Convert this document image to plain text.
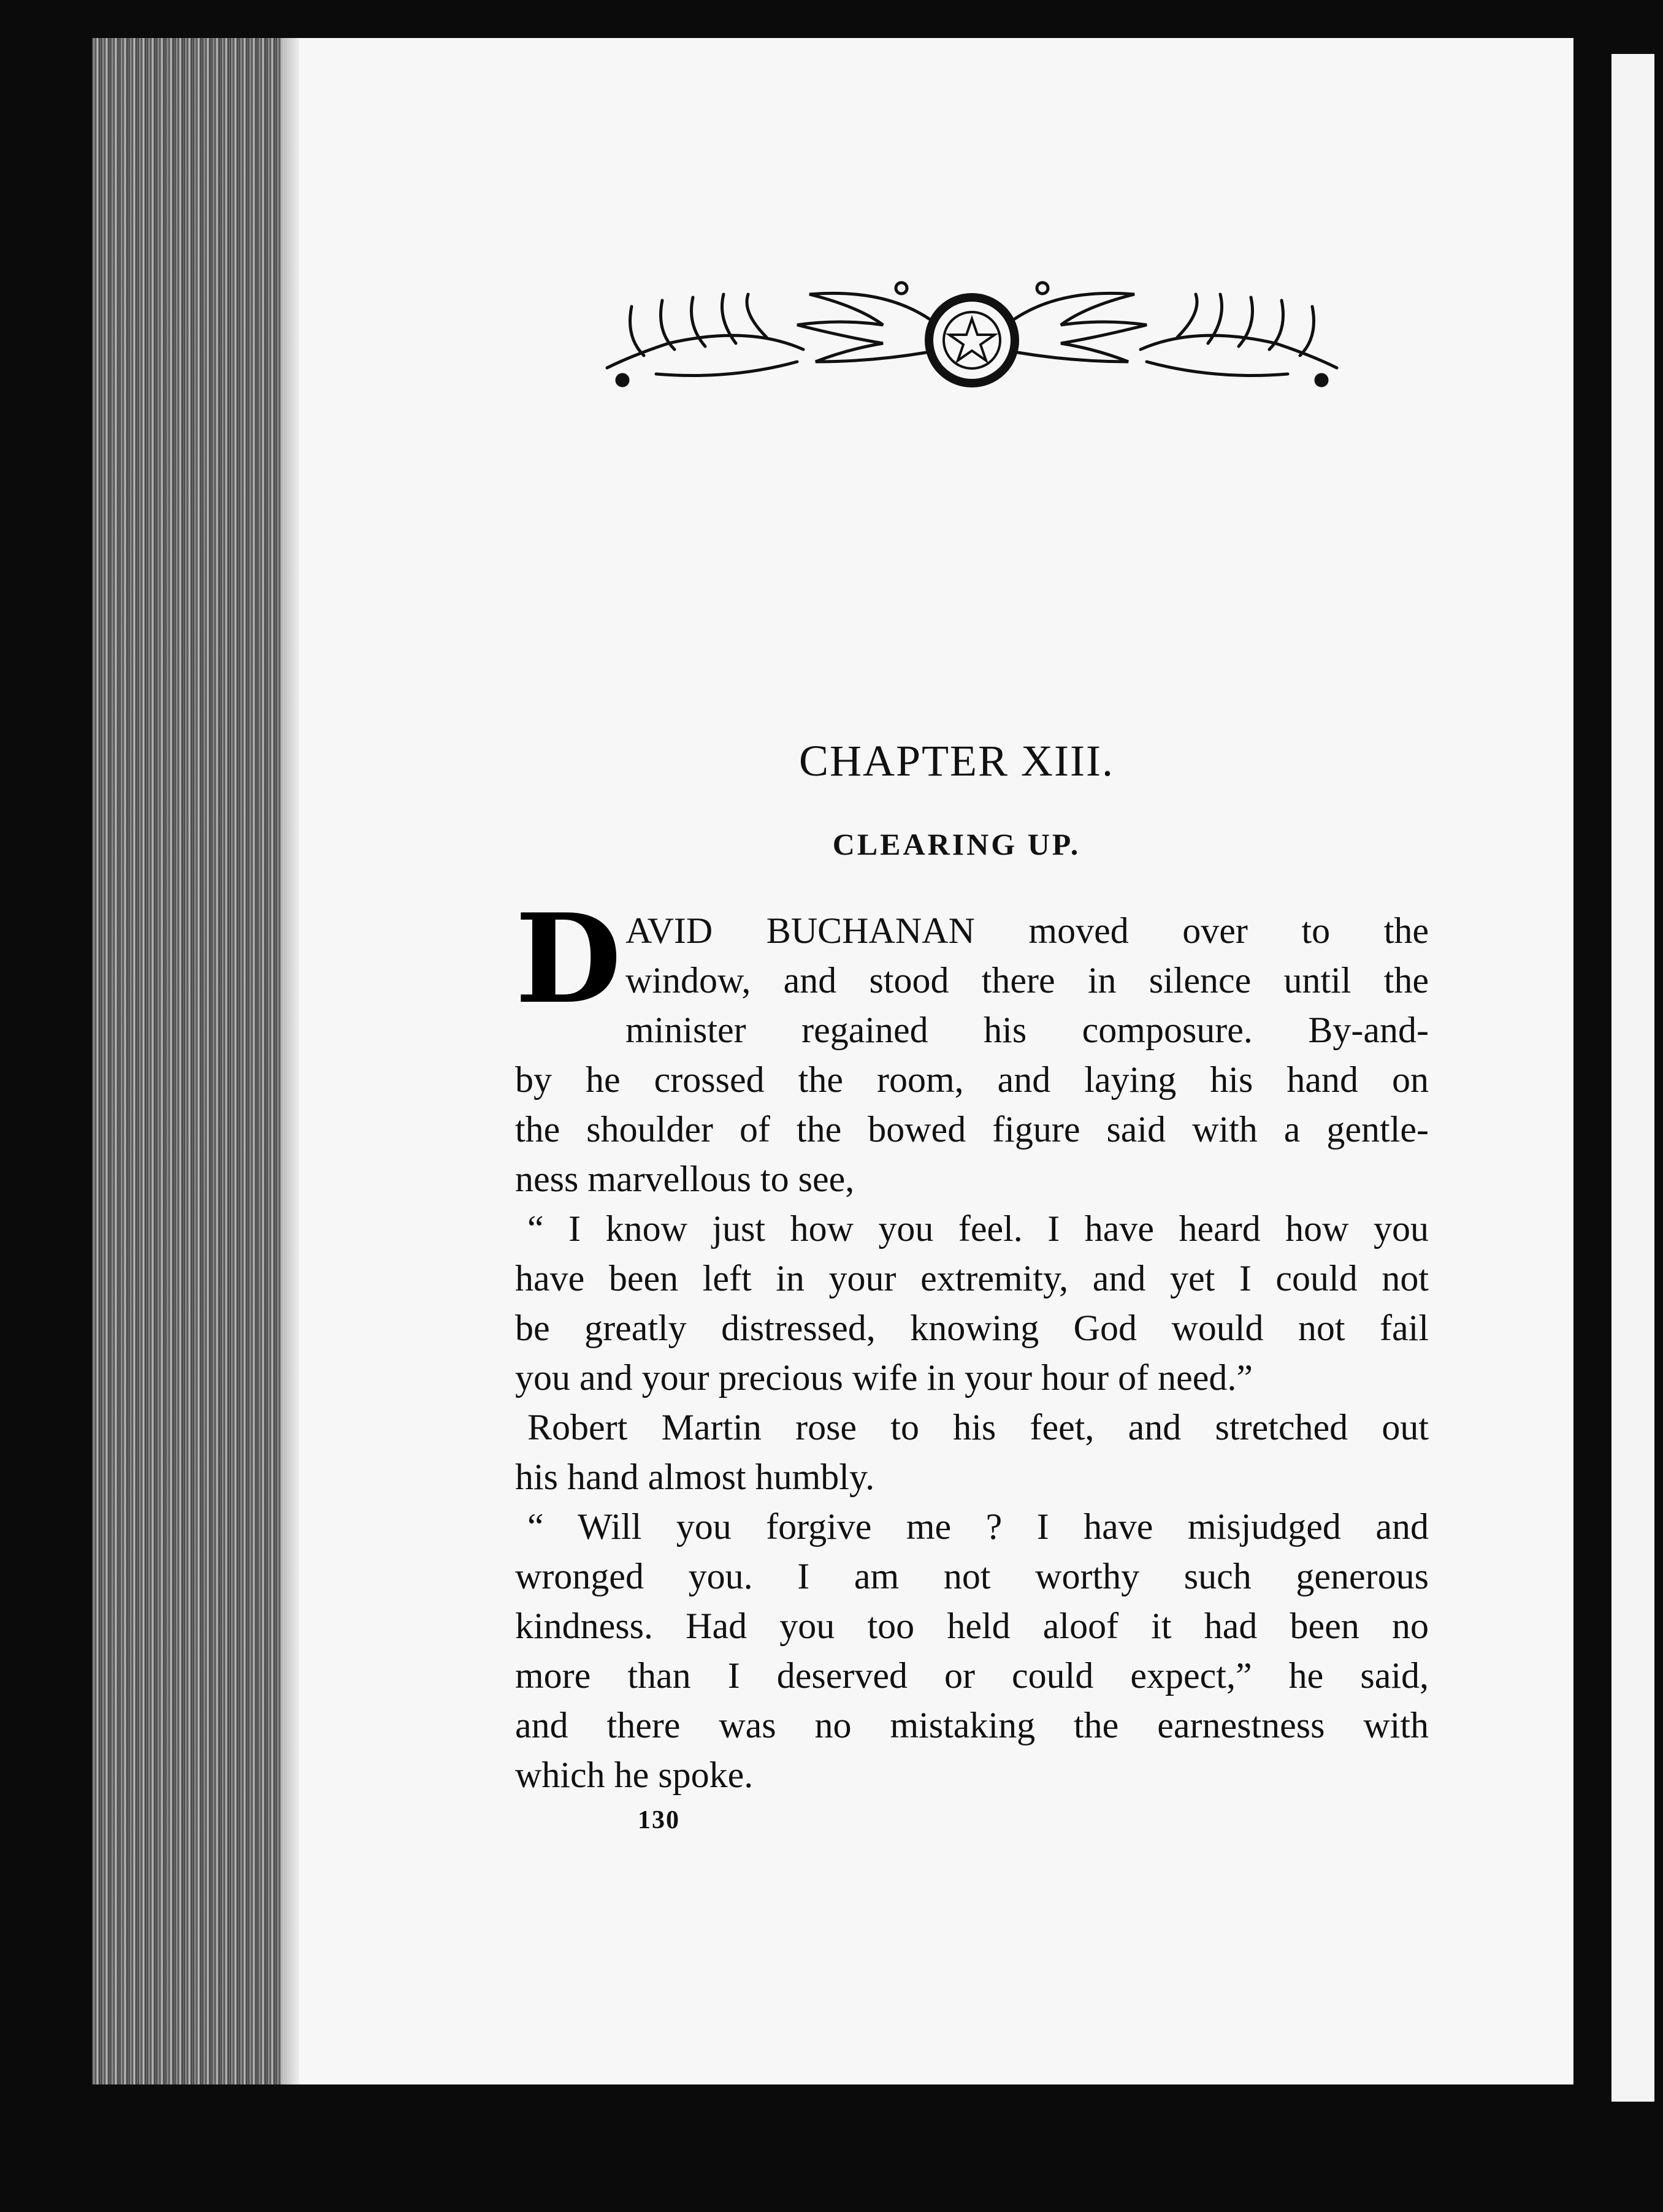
CHAPTER XIII.
CLEARING UP.
D AVID BUCHANAN moved over to the
window, and stood there in silence until the
minister regained his composure. By-and-
by he crossed the room, and laying his hand on
the shoulder of the bowed figure said with a gentle-
ness marvellous to see,
“ I know just how you feel. I have heard how you
have been left in your extremity, and yet I could not
be greatly distressed, knowing God would not fail
you and your precious wife in your hour of need.”
Robert Martin rose to his feet, and stretched out
his hand almost humbly.
“ Will you forgive me ? I have misjudged and
wronged you. I am not worthy such generous
kindness. Had you too held aloof it had been no
more than I deserved or could expect,” he said,
and there was no mistaking the earnestness with
which he spoke.
130
